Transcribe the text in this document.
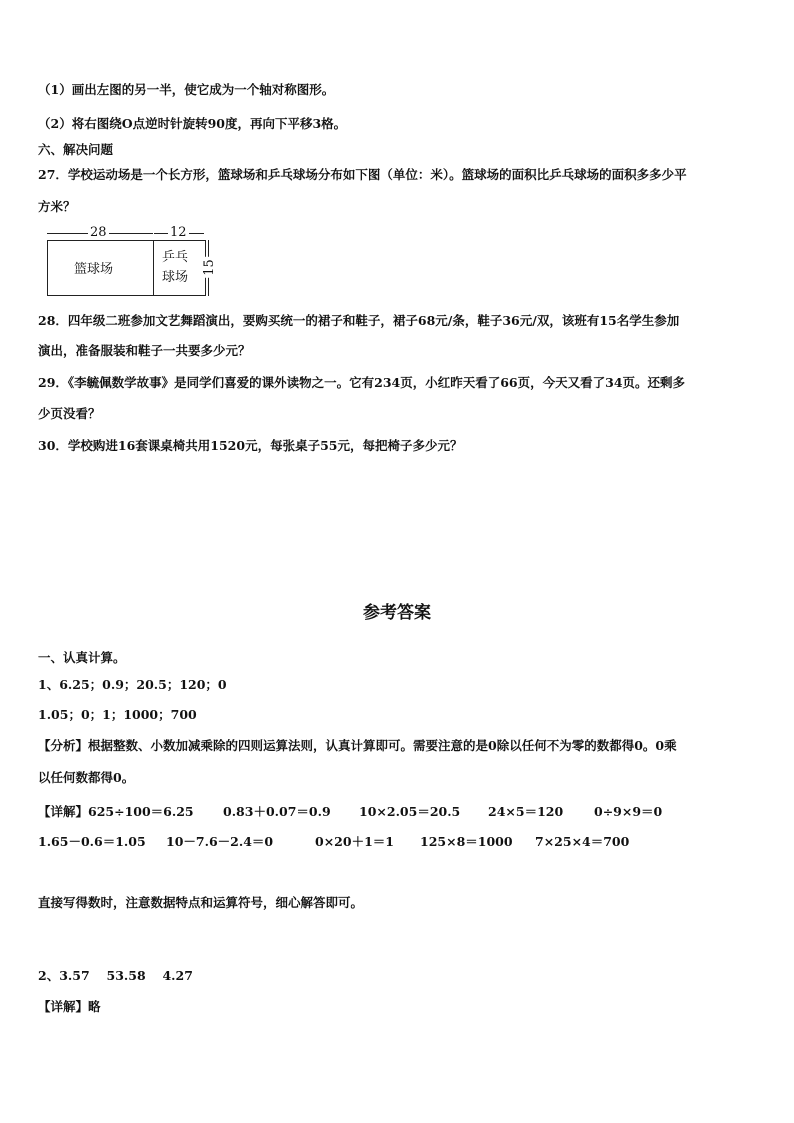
（1）画出左图的另一半，使它成为一个轴对称图形。
（2）将右图绕O点逆时针旋转90度，再向下平移3格。
六、解决问题
27．学校运动场是一个长方形，篮球场和乒乓球场分布如下图（单位：米）。篮球场的面积比乒乓球场的面积多多少平
方米？
28	12
篮球场
乒乓
球场
15
28．四年级二班参加文艺舞蹈演出，要购买统一的裙子和鞋子，裙子68元/条，鞋子36元/双，该班有15名学生参加
演出，准备服装和鞋子一共要多少元？
29．《李毓佩数学故事》是同学们喜爱的课外读物之一。它有234页，小红昨天看了66页，今天又看了34页。还剩多
少页没看？
30．学校购进16套课桌椅共用1520元，每张桌子55元，每把椅子多少元？
参考答案
一、认真计算。
1、6.25；0.9；20.5；120；0
1.05；0；1；1000；700
【分析】根据整数、小数加减乘除的四则运算法则，认真计算即可。需要注意的是0除以任何不为零的数都得0。0乘
以任何数都得0。
【详解】625÷100＝6.25 0.83＋0.07＝0.9 10×2.05＝20.5 24×5＝120 0÷9×9＝0
1.65－0.6＝1.05 10－7.6－2.4＝0	0×20＋1＝1 125×8＝1000 7×25×4＝700
直接写得数时，注意数据特点和运算符号，细心解答即可。
2、3.57　 53.58　 4.27
【详解】略
